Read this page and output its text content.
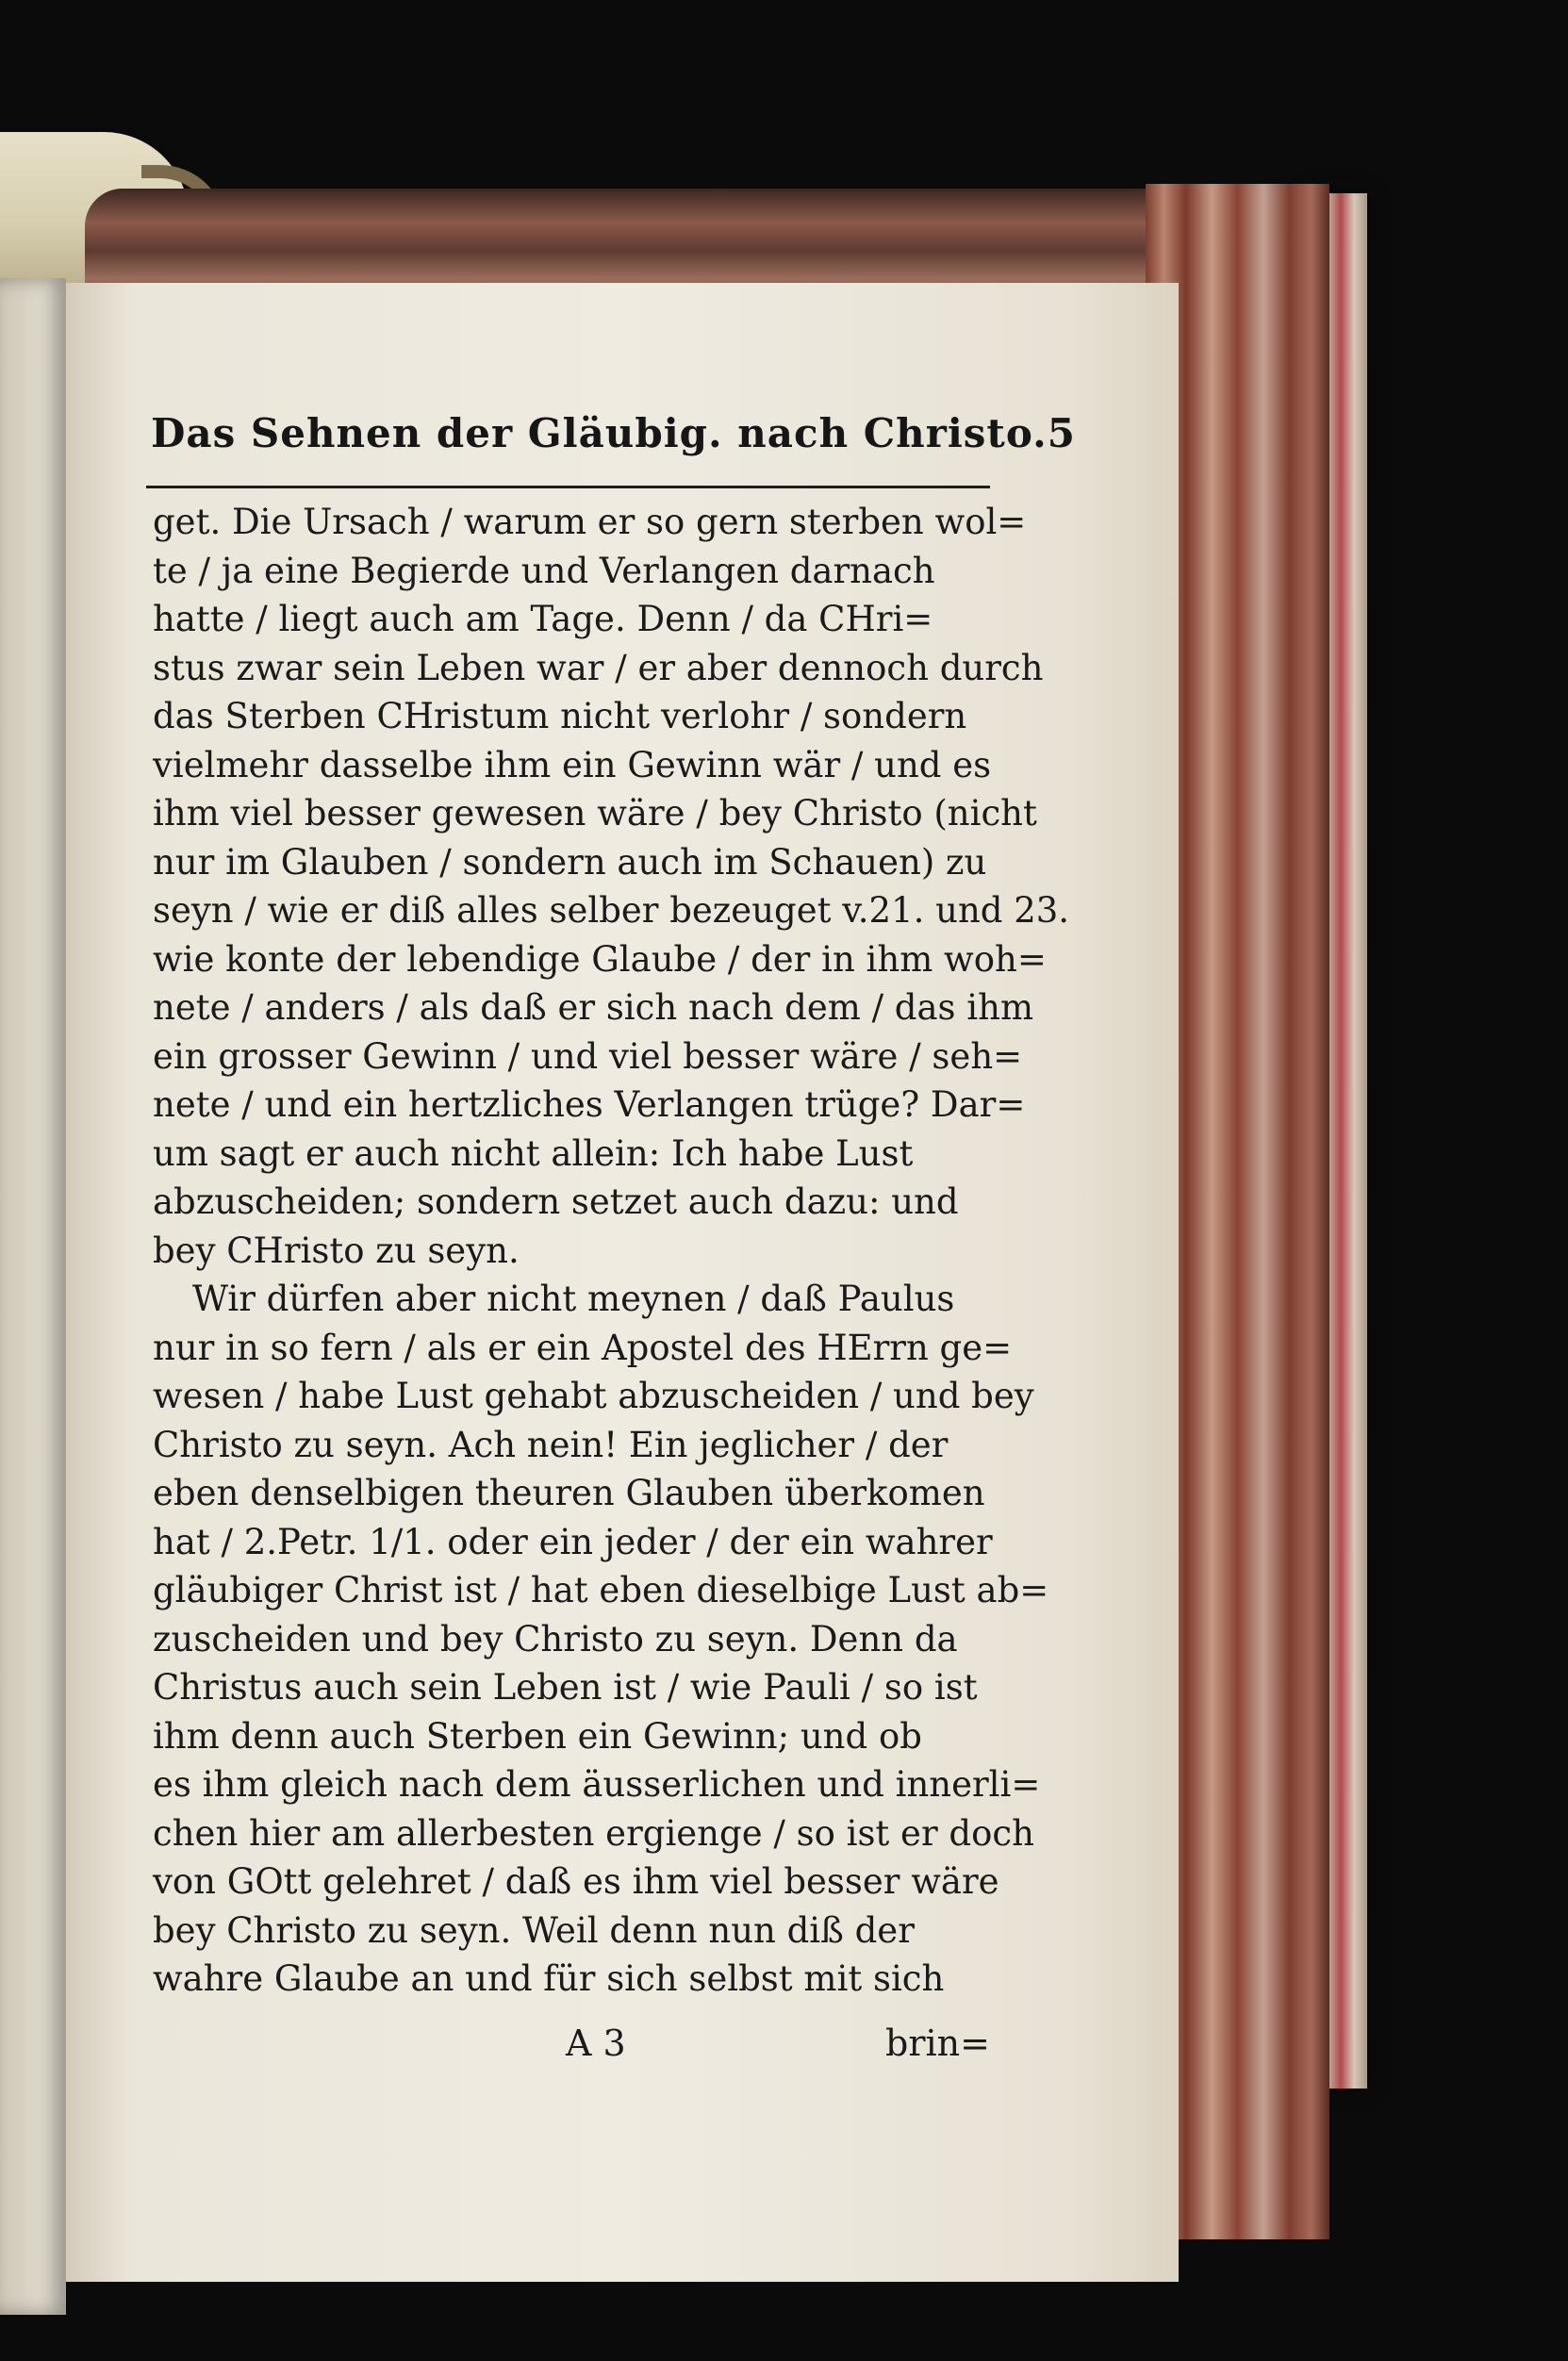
Das Sehnen der Gläubig. nach Christo. 5
get. Die Ursach / warum er so gern sterben wol=
te / ja eine Begierde und Verlangen darnach
hatte / liegt auch am Tage. Denn / da CHri=
stus zwar sein Leben war / er aber dennoch durch
das Sterben CHristum nicht verlohr / sondern
vielmehr dasselbe ihm ein Gewinn wär / und es
ihm viel besser gewesen wäre / bey Christo (nicht
nur im Glauben / sondern auch im Schauen) zu
seyn / wie er diß alles selber bezeuget v.21. und 23.
wie konte der lebendige Glaube / der in ihm woh=
nete / anders / als daß er sich nach dem / das ihm
ein grosser Gewinn / und viel besser wäre / seh=
nete / und ein hertzliches Verlangen trüge? Dar=
um sagt er auch nicht allein: Ich habe Lust
abzuscheiden; sondern setzet auch dazu: und
bey CHristo zu seyn.
Wir dürfen aber nicht meynen / daß Paulus
nur in so fern / als er ein Apostel des HErrn ge=
wesen / habe Lust gehabt abzuscheiden / und bey
Christo zu seyn. Ach nein! Ein jeglicher / der
eben denselbigen theuren Glauben überkomen
hat / 2.Petr. 1/1. oder ein jeder / der ein wahrer
gläubiger Christ ist / hat eben dieselbige Lust ab=
zuscheiden und bey Christo zu seyn. Denn da
Christus auch sein Leben ist / wie Pauli / so ist
ihm denn auch Sterben ein Gewinn; und ob
es ihm gleich nach dem äusserlichen und innerli=
chen hier am allerbesten ergienge / so ist er doch
von GOtt gelehret / daß es ihm viel besser wäre
bey Christo zu seyn. Weil denn nun diß der
wahre Glaube an und für sich selbst mit sich
A 3	brin=
